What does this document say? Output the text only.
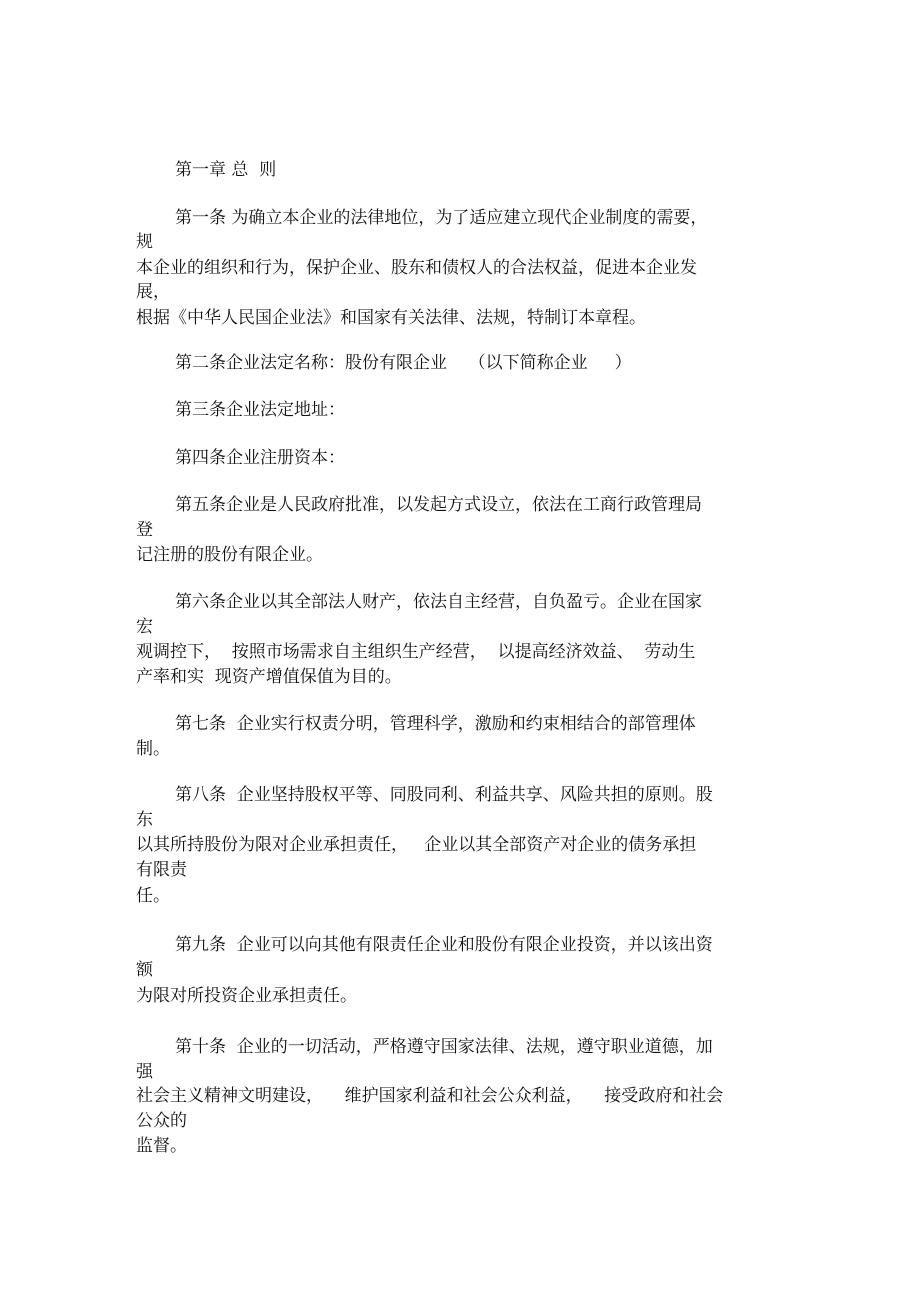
第一章 总  则
第一条 为确立本企业的法律地位，为了适应建立现代企业制度的需要，
规
本企业的组织和行为，保护企业、股东和债权人的合法权益，促进本企业发
展，
根据《中华人民国企业法》和国家有关法律、法规，特制订本章程。
第二条企业法定名称：股份有限企业    （以下简称企业     ）
第三条企业法定地址：
第四条企业注册资本：
第五条企业是人民政府批准，以发起方式设立，依法在工商行政管理局
登
记注册的股份有限企业。
第六条企业以其全部法人财产，依法自主经营，自负盈亏。企业在国家
宏
观调控下，  按照市场需求自主组织生产经营，  以提高经济效益、  劳动生
产率和实  现资产增值保值为目的。
第七条  企业实行权责分明，管理科学，激励和约束相结合的部管理体
制。
第八条  企业坚持股权平等、同股同利、利益共享、风险共担的原则。股
东
以其所持股份为限对企业承担责任，   企业以其全部资产对企业的债务承担
有限责
任。
第九条  企业可以向其他有限责任企业和股份有限企业投资，并以该出资
额
为限对所投资企业承担责任。
第十条  企业的一切活动，严格遵守国家法律、法规，遵守职业道德，加
强
社会主义精神文明建设，    维护国家利益和社会公众利益，    接受政府和社会
公众的
监督。
